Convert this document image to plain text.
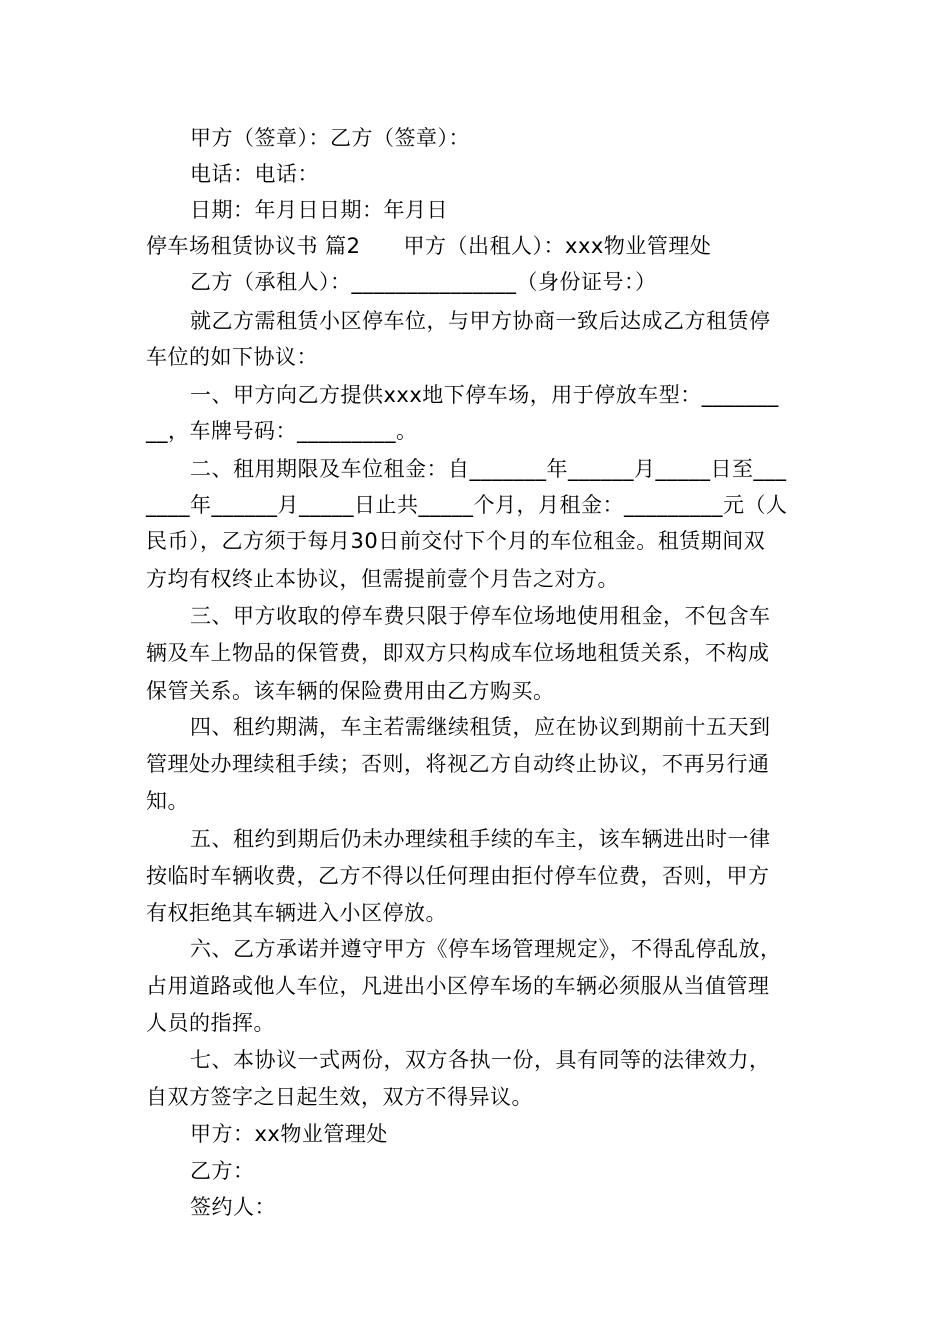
甲方（签章）：乙方（签章）：
电话：电话：
日期：年月日日期：年月日
停车场租赁协议书 篇2　　甲方（出租人）：xxx物业管理处
乙方（承租人）：_______________（身份证号：）
就乙方需租赁小区停车位，与甲方协商一致后达成乙方租赁停
车位的如下协议：
一、甲方向乙方提供xxx地下停车场，用于停放车型：_______
__，车牌号码：_________。
二、租用期限及车位租金：自_______年______月_____日至___
____年______月_____日止共_____个月，月租金：_________元（人
民币），乙方须于每月30日前交付下个月的车位租金。租赁期间双
方均有权终止本协议，但需提前壹个月告之对方。
三、甲方收取的停车费只限于停车位场地使用租金，不包含车
辆及车上物品的保管费，即双方只构成车位场地租赁关系，不构成
保管关系。该车辆的保险费用由乙方购买。
四、租约期满，车主若需继续租赁，应在协议到期前十五天到
管理处办理续租手续；否则，将视乙方自动终止协议，不再另行通
知。
五、租约到期后仍未办理续租手续的车主，该车辆进出时一律
按临时车辆收费，乙方不得以任何理由拒付停车位费，否则，甲方
有权拒绝其车辆进入小区停放。
六、乙方承诺并遵守甲方《停车场管理规定》，不得乱停乱放，
占用道路或他人车位，凡进出小区停车场的车辆必须服从当值管理
人员的指挥。
七、本协议一式两份，双方各执一份，具有同等的法律效力，
自双方签字之日起生效，双方不得异议。
甲方：xx物业管理处
乙方：
签约人：
